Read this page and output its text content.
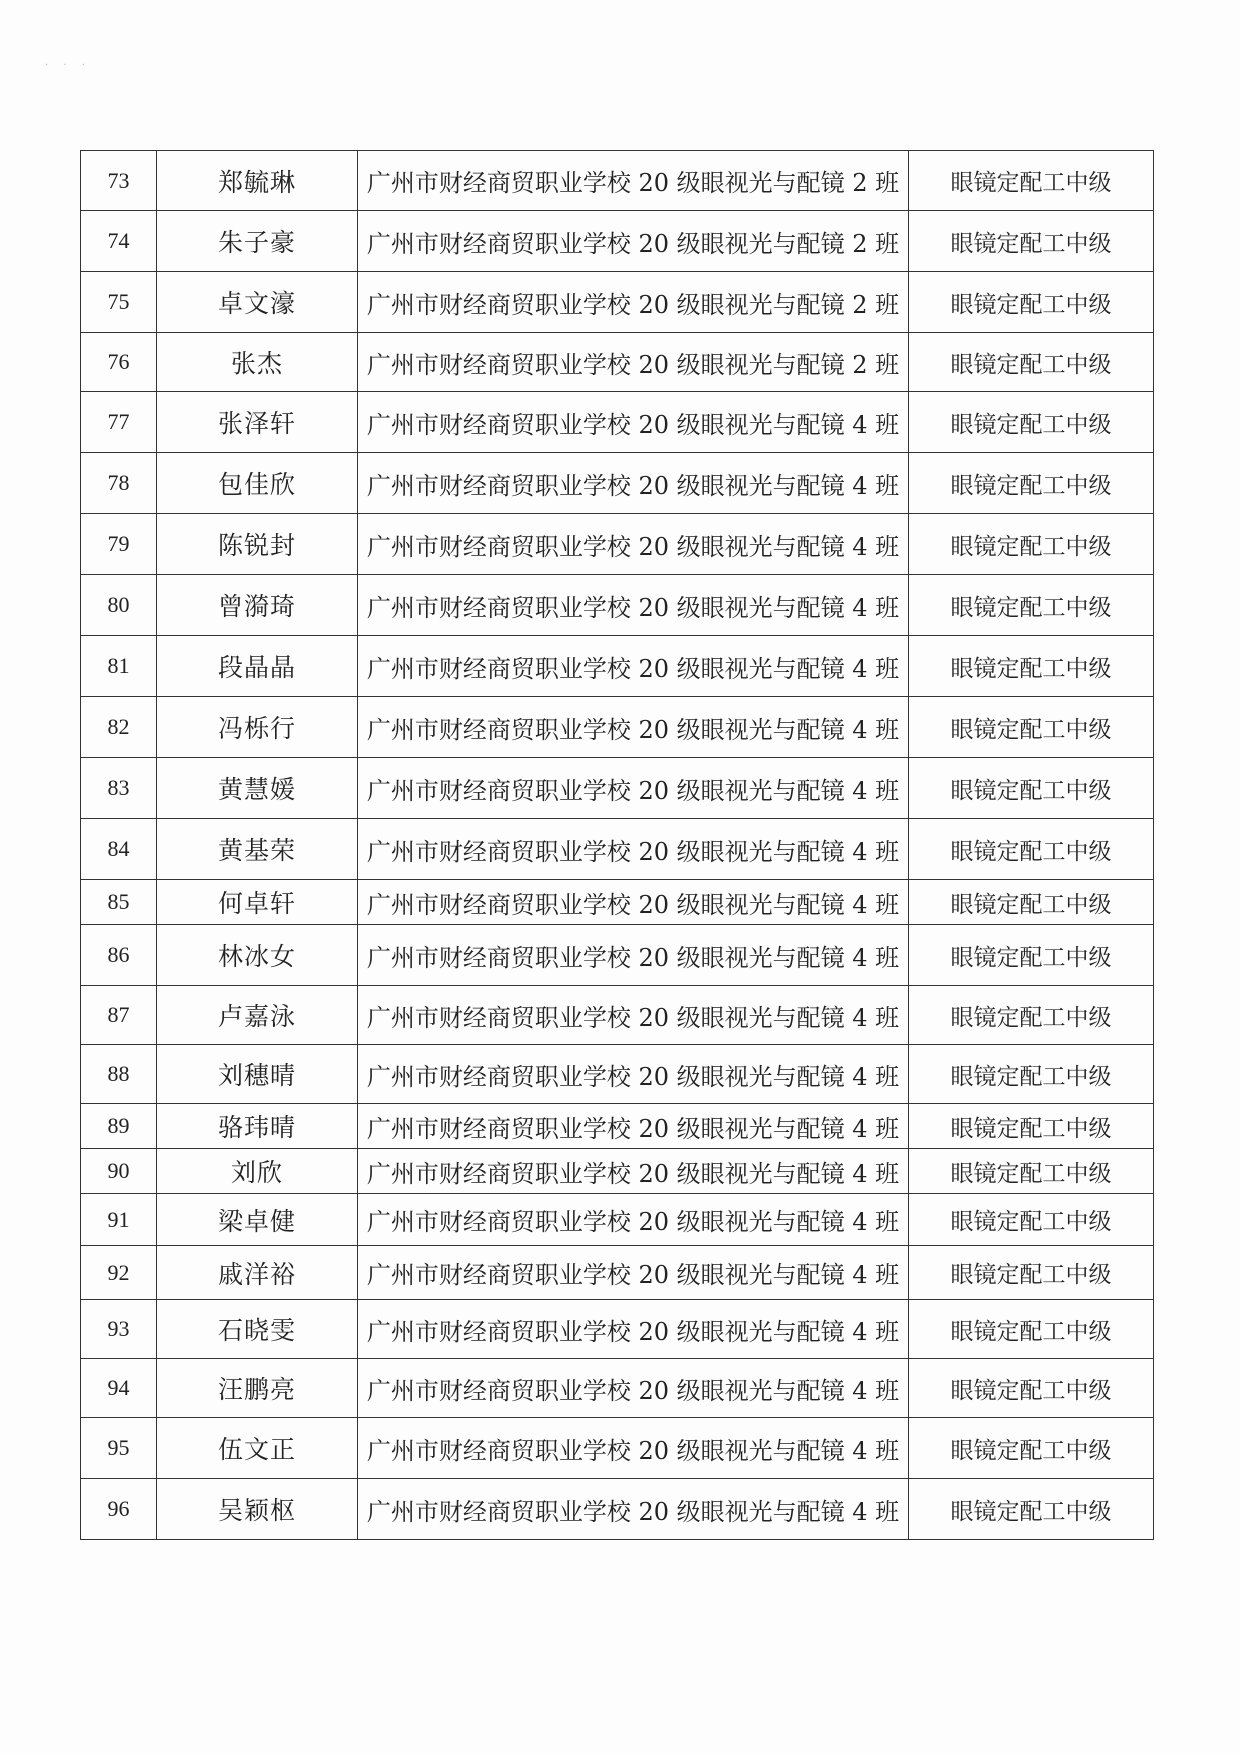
· · ·
73	郑毓琳	广州市财经商贸职业学校 20 级眼视光与配镜 2 班	眼镜定配工中级
74	朱子豪	广州市财经商贸职业学校 20 级眼视光与配镜 2 班	眼镜定配工中级
75	卓文濠	广州市财经商贸职业学校 20 级眼视光与配镜 2 班	眼镜定配工中级
76	张杰	广州市财经商贸职业学校 20 级眼视光与配镜 2 班	眼镜定配工中级
77	张泽轩	广州市财经商贸职业学校 20 级眼视光与配镜 4 班	眼镜定配工中级
78	包佳欣	广州市财经商贸职业学校 20 级眼视光与配镜 4 班	眼镜定配工中级
79	陈锐封	广州市财经商贸职业学校 20 级眼视光与配镜 4 班	眼镜定配工中级
80	曾漪琦	广州市财经商贸职业学校 20 级眼视光与配镜 4 班	眼镜定配工中级
81	段晶晶	广州市财经商贸职业学校 20 级眼视光与配镜 4 班	眼镜定配工中级
82	冯栎行	广州市财经商贸职业学校 20 级眼视光与配镜 4 班	眼镜定配工中级
83	黄慧媛	广州市财经商贸职业学校 20 级眼视光与配镜 4 班	眼镜定配工中级
84	黄基荣	广州市财经商贸职业学校 20 级眼视光与配镜 4 班	眼镜定配工中级
85	何卓轩	广州市财经商贸职业学校 20 级眼视光与配镜 4 班	眼镜定配工中级
86	林冰女	广州市财经商贸职业学校 20 级眼视光与配镜 4 班	眼镜定配工中级
87	卢嘉泳	广州市财经商贸职业学校 20 级眼视光与配镜 4 班	眼镜定配工中级
88	刘穗晴	广州市财经商贸职业学校 20 级眼视光与配镜 4 班	眼镜定配工中级
89	骆玮晴	广州市财经商贸职业学校 20 级眼视光与配镜 4 班	眼镜定配工中级
90	刘欣	广州市财经商贸职业学校 20 级眼视光与配镜 4 班	眼镜定配工中级
91	梁卓健	广州市财经商贸职业学校 20 级眼视光与配镜 4 班	眼镜定配工中级
92	戚洋裕	广州市财经商贸职业学校 20 级眼视光与配镜 4 班	眼镜定配工中级
93	石晓雯	广州市财经商贸职业学校 20 级眼视光与配镜 4 班	眼镜定配工中级
94	汪鹏亮	广州市财经商贸职业学校 20 级眼视光与配镜 4 班	眼镜定配工中级
95	伍文正	广州市财经商贸职业学校 20 级眼视光与配镜 4 班	眼镜定配工中级
96	吴颖枢	广州市财经商贸职业学校 20 级眼视光与配镜 4 班	眼镜定配工中级
